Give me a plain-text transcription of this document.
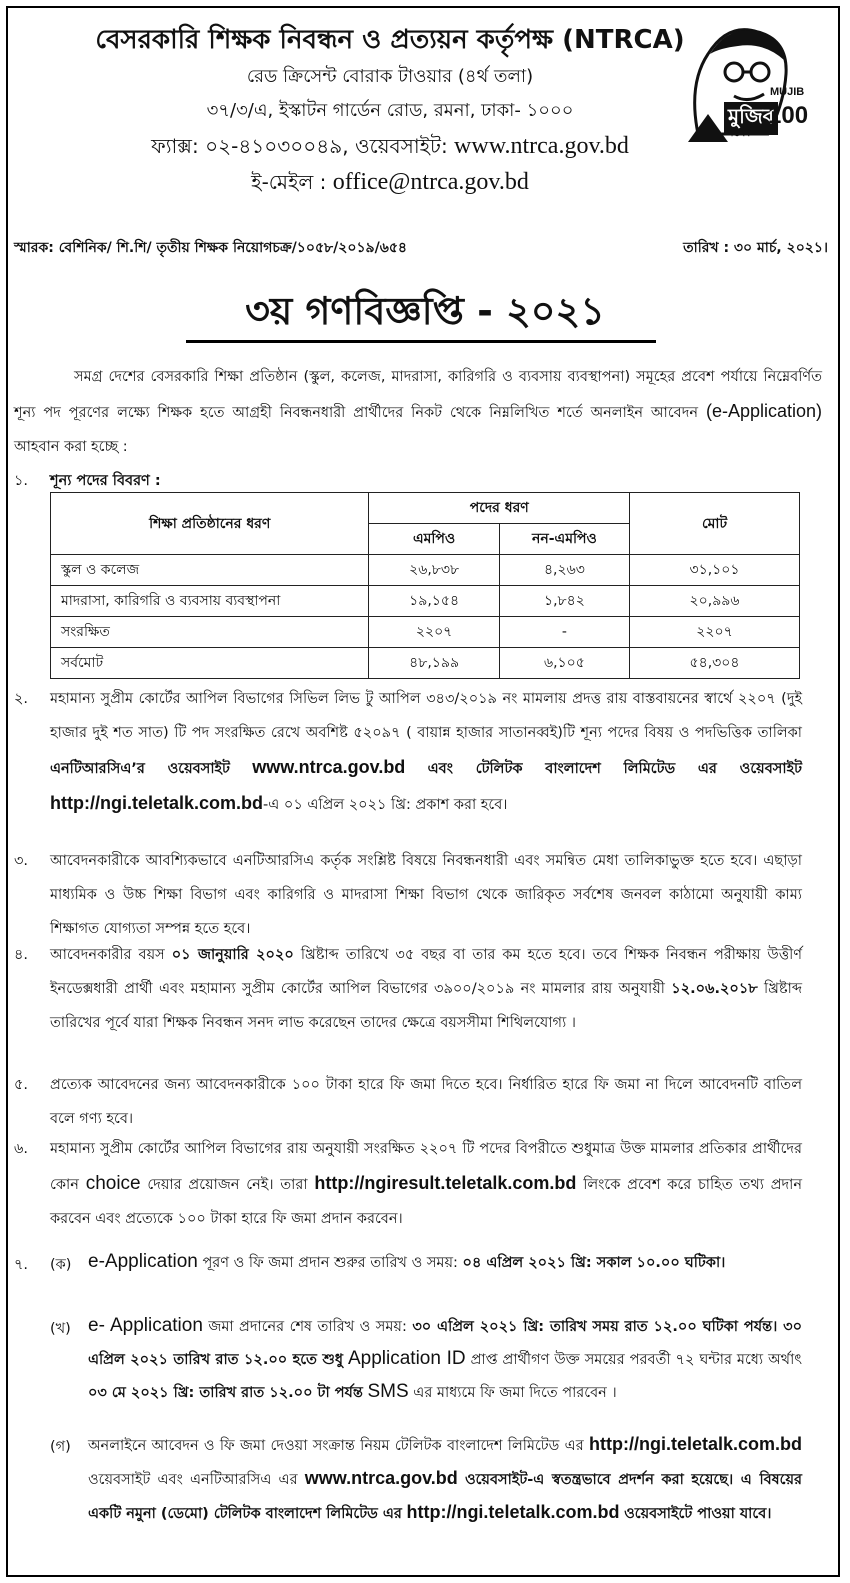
বেসরকারি শিক্ষক নিবন্ধন ও প্রত্যয়ন কর্তৃপক্ষ (NTRCA)
রেড ক্রিসেন্ট বোরাক টাওয়ার (৪র্থ তলা)
৩৭/৩/এ, ইস্কাটন গার্ডেন রোড, রমনা, ঢাকা- ১০০০
ফ্যাক্স: ০২-৪১০৩০০৪৯, ওয়েবসাইট: www.ntrca.gov.bd
ই-মেইল : office@ntrca.gov.bd
মুজিব
MUJIB
100
শতবর্ষ
স্মারক: বেশিনিক/ শি.শি/ তৃতীয় শিক্ষক নিয়োগচক্র/১০৫৮/২০১৯/৬৫৪	তারিখ : ৩০ মার্চ, ২০২১।
৩য় গণবিজ্ঞপ্তি - ২০২১
সমগ্র দেশের বেসরকারি শিক্ষা প্রতিষ্ঠান (স্কুল, কলেজ, মাদরাসা, কারিগরি ও ব্যবসায় ব্যবস্থাপনা) সমূহের প্রবেশ পর্যায়ে নিম্নেবর্ণিত শূন্য পদ পূরণের লক্ষ্যে শিক্ষক হতে আগ্রহী নিবন্ধনধারী প্রার্থীদের নিকট থেকে নিম্নলিখিত শর্তে অনলাইন আবেদন (e-Application) আহবান করা হচ্ছে :
১. শূন্য পদের বিবরণ :
শিক্ষা প্রতিষ্ঠানের ধরণ	পদের ধরণ		মোট
	এমপিও	নন-এমপিও	
স্কুল ও কলেজ	২৬,৮৩৮	৪,২৬৩	৩১,১০১
মাদরাসা, কারিগরি ও ব্যবসায় ব্যবস্থাপনা	১৯,১৫৪	১,৮৪২	২০,৯৯৬
সংরক্ষিত	২২০৭	-	২২০৭
সর্বমোট	৪৮,১৯৯	৬,১০৫	৫৪,৩০৪
২. মহামান্য সুপ্রীম কোর্টের আপিল বিভাগের সিভিল লিভ টু আপিল ৩৪৩/২০১৯ নং মামলায় প্রদত্ত রায় বাস্তবায়নের স্বার্থে ২২০৭ (দুই হাজার দুই শত সাত) টি পদ সংরক্ষিত রেখে অবশিষ্ট ৫২০৯৭ ( বায়ান্ন হাজার সাতানব্বই)টি শূন্য পদের বিষয় ও পদভিত্তিক তালিকা এনটিআরসিএ’র ওয়েবসাইট www.ntrca.gov.bd এবং টেলিটক বাংলাদেশ লিমিটেড এর ওয়েবসাইট http://ngi.teletalk.com.bd-এ ০১ এপ্রিল ২০২১ খ্রি: প্রকাশ করা হবে।
৩. আবেদনকারীকে আবশ্যিকভাবে এনটিআরসিএ কর্তৃক সংশ্লিষ্ট বিষয়ে নিবন্ধনধারী এবং সমন্বিত মেধা তালিকাভুক্ত হতে হবে। এছাড়া মাধ্যমিক ও উচ্চ শিক্ষা বিভাগ এবং কারিগরি ও মাদরাসা শিক্ষা বিভাগ থেকে জারিকৃত সর্বশেষ জনবল কাঠামো অনুযায়ী কাম্য শিক্ষাগত যোগ্যতা সম্পন্ন হতে হবে।
৪. আবেদনকারীর বয়স ০১ জানুয়ারি ২০২০ খ্রিষ্টাব্দ তারিখে ৩৫ বছর বা তার কম হতে হবে। তবে শিক্ষক নিবন্ধন পরীক্ষায় উত্তীর্ণ ইনডেক্সধারী প্রার্থী এবং মহামান্য সুপ্রীম কোর্টের আপিল বিভাগের ৩৯০০/২০১৯ নং মামলার রায় অনুযায়ী ১২.০৬.২০১৮ খ্রিষ্টাব্দ তারিখের পূর্বে যারা শিক্ষক নিবন্ধন সনদ লাভ করেছেন তাদের ক্ষেত্রে বয়সসীমা শিথিলযোগ্য ।
৫. প্রত্যেক আবেদনের জন্য আবেদনকারীকে ১০০ টাকা হারে ফি জমা দিতে হবে। নির্ধারিত হারে ফি জমা না দিলে আবেদনটি বাতিল বলে গণ্য হবে।
৬. মহামান্য সুপ্রীম কোর্টের আপিল বিভাগের রায় অনুযায়ী সংরক্ষিত ২২০৭ টি পদের বিপরীতে শুধুমাত্র উক্ত মামলার প্রতিকার প্রার্থীদের কোন choice দেয়ার প্রয়োজন নেই। তারা http://ngiresult.teletalk.com.bd লিংকে প্রবেশ করে চাহিত তথ্য প্রদান করবেন এবং প্রত্যেকে ১০০ টাকা হারে ফি জমা প্রদান করবেন।
৭. (ক) e-Application পূরণ ও ফি জমা প্রদান শুরুর তারিখ ও সময়: ০৪ এপ্রিল ২০২১ খ্রি: সকাল ১০.০০ ঘটিকা।
(খ) e- Application জমা প্রদানের শেষ তারিখ ও সময়: ৩০ এপ্রিল ২০২১ খ্রি: তারিখ সময় রাত ১২.০০ ঘটিকা পর্যন্ত। ৩০ এপ্রিল ২০২১ তারিখ রাত ১২.০০ হতে শুধু Application ID প্রাপ্ত প্রার্থীগণ উক্ত সময়ের পরবর্তী ৭২ ঘন্টার মধ্যে অর্থাৎ ০৩ মে ২০২১ খ্রি: তারিখ রাত ১২.০০ টা পর্যন্ত SMS এর মাধ্যমে ফি জমা দিতে পারবেন ।
(গ) অনলাইনে আবেদন ও ফি জমা দেওয়া সংক্রান্ত নিয়ম টেলিটক বাংলাদেশ লিমিটেড এর http://ngi.teletalk.com.bd ওয়েবসাইট এবং এনটিআরসিএ এর www.ntrca.gov.bd ওয়েবসাইট-এ স্বতন্ত্রভাবে প্রদর্শন করা হয়েছে। এ বিষয়ের একটি নমুনা (ডেমো) টেলিটক বাংলাদেশ লিমিটেড এর http://ngi.teletalk.com.bd ওয়েবসাইটে পাওয়া যাবে।
